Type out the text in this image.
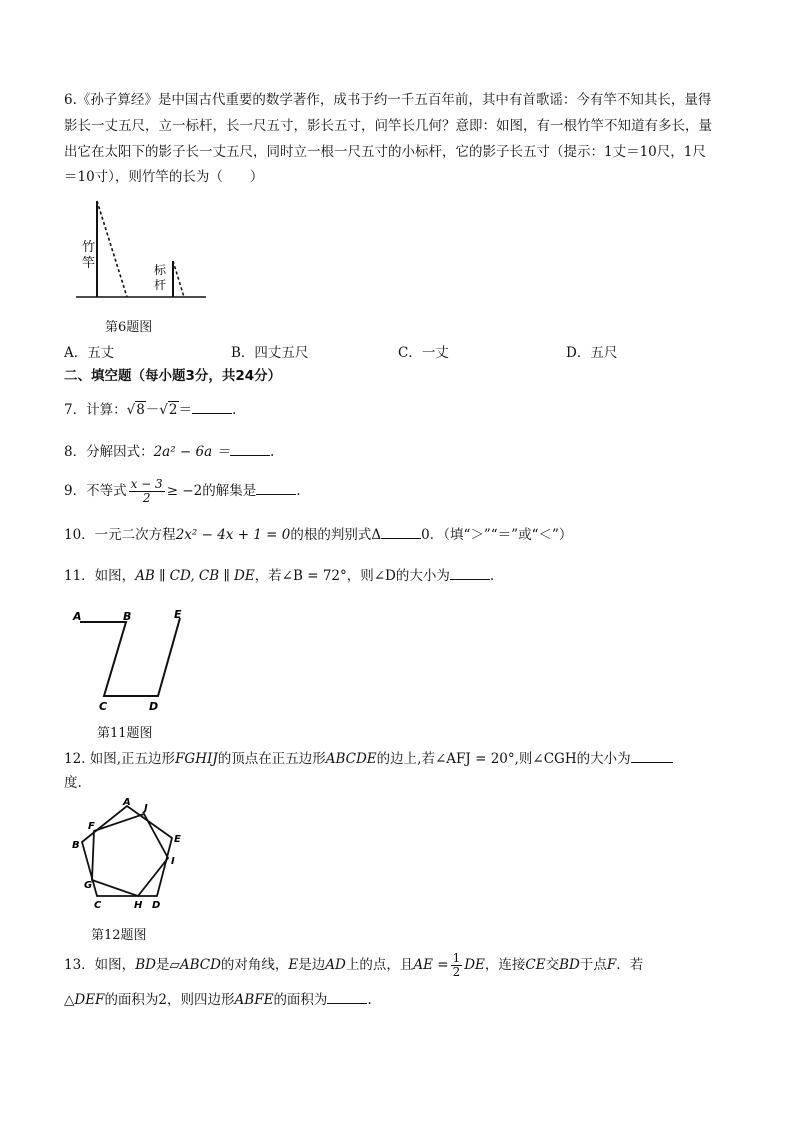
6.《孙子算经》是中国古代重要的数学著作，成书于约一千五百年前，其中有首歌谣：今有竿不知其长，量得
影长一丈五尺，立一标杆，长一尺五寸，影长五寸，问竿长几何？意即：如图，有一根竹竿不知道有多长，量
出它在太阳下的影子长一丈五尺，同时立一根一尺五寸的小标杆，它的影子长五寸（提示：1丈＝10尺，1尺
＝10寸），则竹竿的长为（　　）
竹
竿	标
杆
第6题图
A．五丈	B．四丈五尺	C．一丈	D．五尺
二、填空题（每小题3分，共24分）
7．计算：√8－√2＝	.
8．分解因式：2a² − 6a ＝	.
9．不等式 $\frac{x - 3}{2} \ge -2$的解集是	.
10．一元二次方程2x² − 4x + 1 = 0的根的判别式Δ	0．（填“＞”“＝”或“＜”）
11．如图，AB ∥ CD, CB ∥ DE，若∠B = 72°，则∠D的大小为	.
A	B	E
C	D
第11题图
12. 如图,正五边形FGHIJ的顶点在正五边形ABCDE的边上,若∠AFJ = 20°,则∠CGH的大小为
度.
A
J
F
E
B
I
G
C	H D
第12题图
13．如图，BD是▱ABCD的对角线，E是边AD上的点，且AE = $\frac{1}{2}$ DE，连接CE交BD于点F．若
△DEF的面积为2，则四边形ABFE的面积为	.
